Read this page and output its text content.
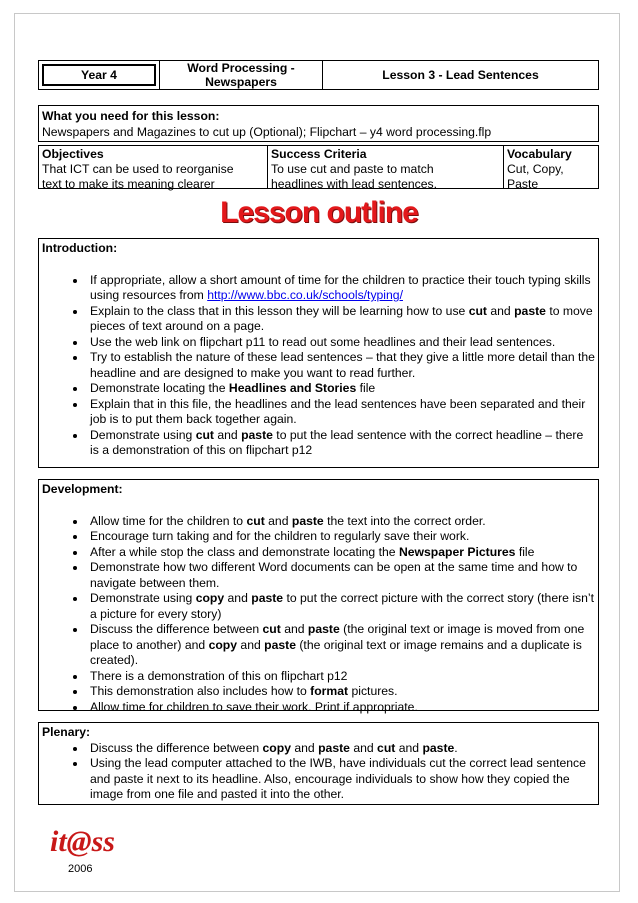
Year 4	Word Processing -
Newspapers	Lesson 3 - Lead Sentences
What you need for this lesson:
Newspapers and Magazines to cut up (Optional); Flipchart – y4 word processing.flp
Objectives
That ICT can be used to reorganise
text to make its meaning clearer
Success Criteria
To use cut and paste to match
headlines with lead sentences.
Vocabulary
Cut, Copy, Paste
Lesson outline
Introduction:
• If appropriate, allow a short amount of time for the children to practice their touch typing skills using resources from http://www.bbc.co.uk/schools/typing/
• Explain to the class that in this lesson they will be learning how to use cut and paste to move pieces of text around on a page.
• Use the web link on flipchart p11 to read out some headlines and their lead sentences.
• Try to establish the nature of these lead sentences – that they give a little more detail than the headline and are designed to make you want to read further.
• Demonstrate locating the Headlines and Stories file
• Explain that in this file, the headlines and the lead sentences have been separated and their job is to put them back together again.
• Demonstrate using cut and paste to put the lead sentence with the correct headline – there is a demonstration of this on flipchart p12
Development:
• Allow time for the children to cut and paste the text into the correct order.
• Encourage turn taking and for the children to regularly save their work.
• After a while stop the class and demonstrate locating the Newspaper Pictures file
• Demonstrate how two different Word documents can be open at the same time and how to navigate between them.
• Demonstrate using copy and paste to put the correct picture with the correct story (there isn’t a picture for every story)
• Discuss the difference between cut and paste (the original text or image is moved from one place to another) and copy and paste (the original text or image remains and a duplicate is created).
• There is a demonstration of this on flipchart p12
• This demonstration also includes how to format pictures.
• Allow time for children to save their work. Print if appropriate.
Plenary:
• Discuss the difference between copy and paste and cut and paste.
• Using the lead computer attached to the IWB, have individuals cut the correct lead sentence and paste it next to its headline. Also, encourage individuals to show how they copied the image from one file and pasted it into the other.
it@ss
2006
